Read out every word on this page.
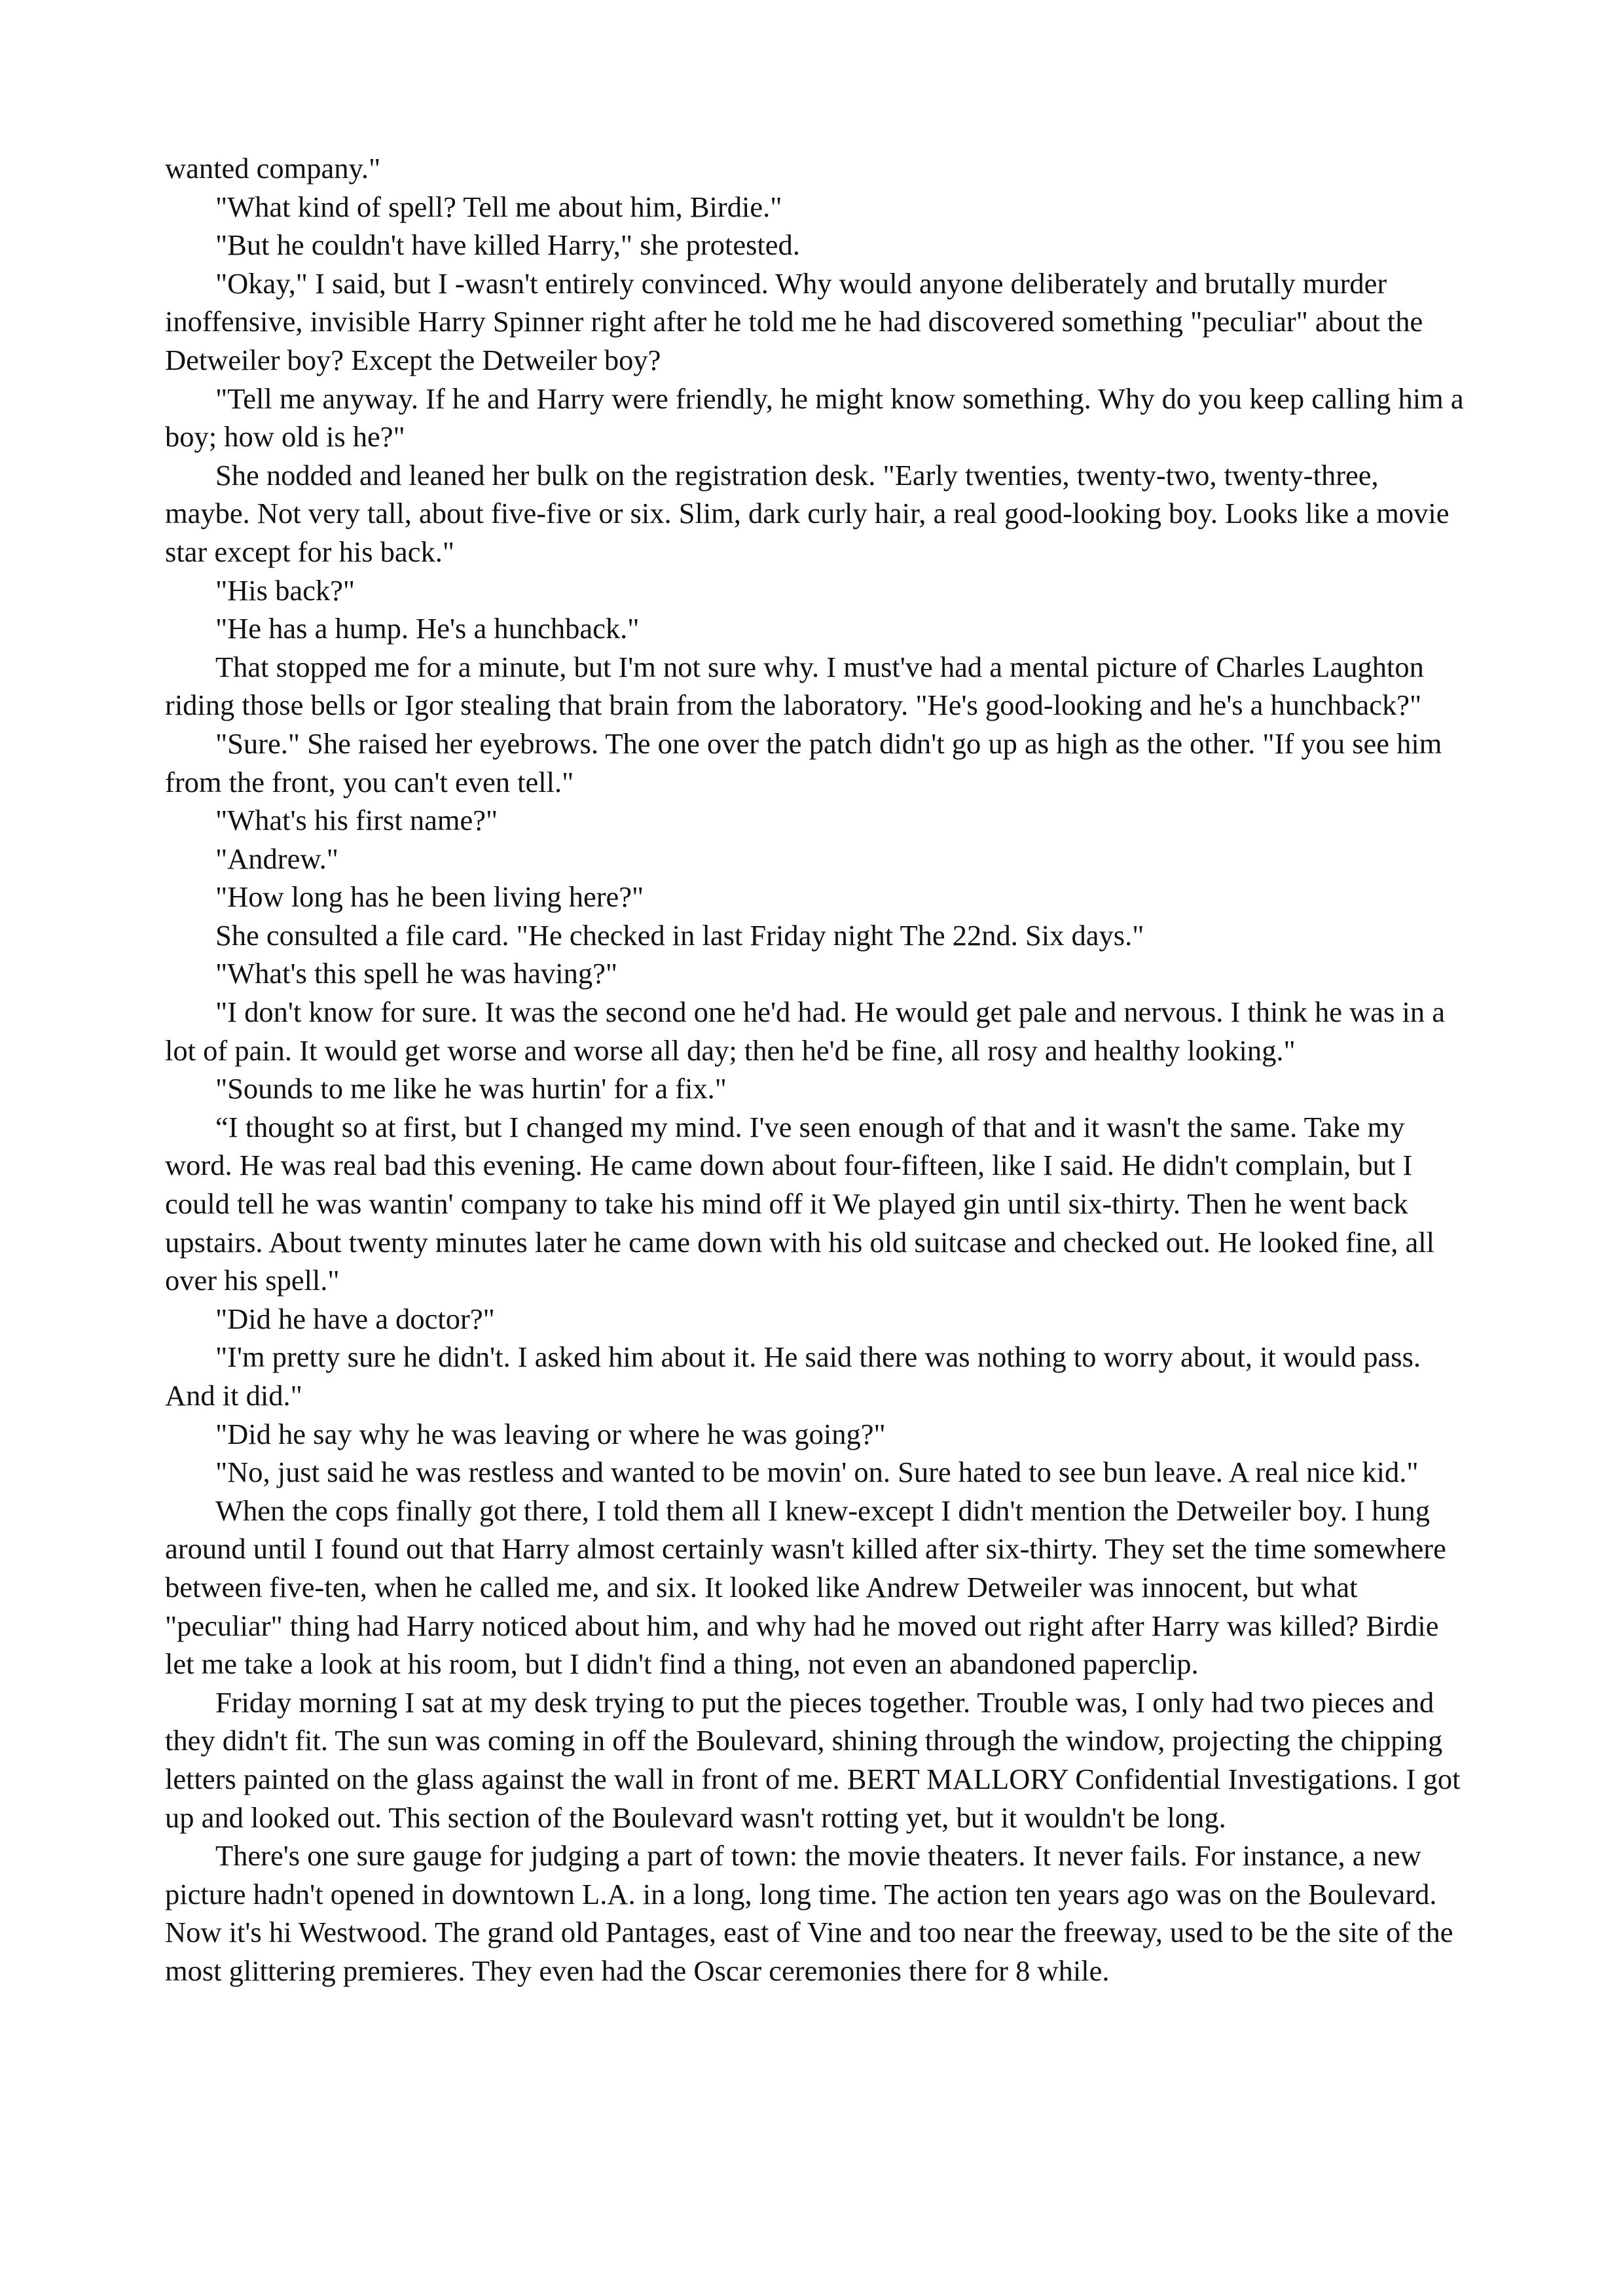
wanted company."

"What kind of spell? Tell me about him, Birdie."

"But he couldn't have killed Harry," she protested.

"Okay," I said, but I -wasn't entirely convinced. Why would anyone deliberately and brutally murder inoffensive, invisible Harry Spinner right after he told me he had discovered something "peculiar" about the Detweiler boy? Except the Detweiler boy?

"Tell me anyway. If he and Harry were friendly, he might know something. Why do you keep calling him a boy; how old is he?"

She nodded and leaned her bulk on the registration desk. "Early twenties, twenty-two, twenty-three, maybe. Not very tall, about five-five or six. Slim, dark curly hair, a real good-looking boy. Looks like a movie star except for his back."

"His back?"

"He has a hump. He's a hunchback."

That stopped me for a minute, but I'm not sure why. I must've had a mental picture of Charles Laughton riding those bells or Igor stealing that brain from the laboratory. "He's good-looking and he's a hunchback?"

"Sure." She raised her eyebrows. The one over the patch didn't go up as high as the other. "If you see him from the front, you can't even tell."

"What's his first name?"

"Andrew."

"How long has he been living here?"

She consulted a file card. "He checked in last Friday night The 22nd. Six days."

"What's this spell he was having?"

"I don't know for sure. It was the second one he'd had. He would get pale and nervous. I think he was in a lot of pain. It would get worse and worse all day; then he'd be fine, all rosy and healthy looking."

"Sounds to me like he was hurtin' for a fix."

“I thought so at first, but I changed my mind. I've seen enough of that and it wasn't the same. Take my word. He was real bad this evening. He came down about four-fifteen, like I said. He didn't complain, but I could tell he was wantin' company to take his mind off it We played gin until six-thirty. Then he went back upstairs. About twenty minutes later he came down with his old suitcase and checked out. He looked fine, all over his spell."

"Did he have a doctor?"

"I'm pretty sure he didn't. I asked him about it. He said there was nothing to worry about, it would pass. And it did."

"Did he say why he was leaving or where he was going?"

"No, just said he was restless and wanted to be movin' on. Sure hated to see bun leave. A real nice kid."

When the cops finally got there, I told them all I knew-except I didn't mention the Detweiler boy. I hung around until I found out that Harry almost certainly wasn't killed after six-thirty. They set the time somewhere between five-ten, when he called me, and six. It looked like Andrew Detweiler was innocent, but what "peculiar" thing had Harry noticed about him, and why had he moved out right after Harry was killed? Birdie let me take a look at his room, but I didn't find a thing, not even an abandoned paperclip.

Friday morning I sat at my desk trying to put the pieces together. Trouble was, I only had two pieces and they didn't fit. The sun was coming in off the Boulevard, shining through the window, projecting the chipping letters painted on the glass against the wall in front of me. BERT MALLORY Confidential Investigations. I got up and looked out. This section of the Boulevard wasn't rotting yet, but it wouldn't be long.

There's one sure gauge for judging a part of town: the movie theaters. It never fails. For instance, a new picture hadn't opened in downtown L.A. in a long, long time. The action ten years ago was on the Boulevard. Now it's hi Westwood. The grand old Pantages, east of Vine and too near the freeway, used to be the site of the most glittering premieres. They even had the Oscar ceremonies there for 8 while.
